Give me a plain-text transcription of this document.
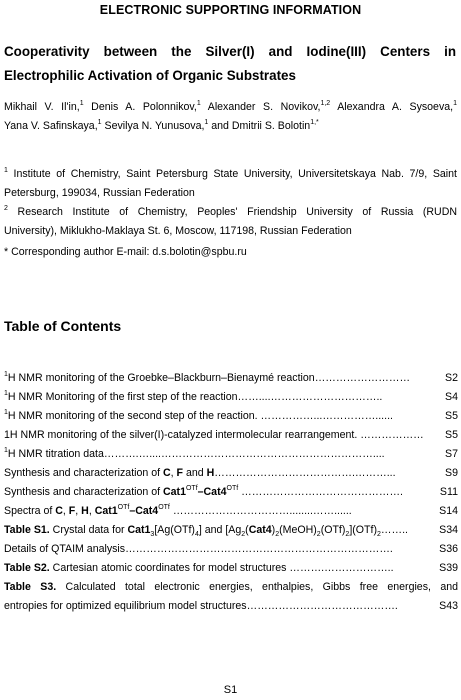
ELECTRONIC SUPPORTING INFORMATION
Cooperativity between the Silver(I) and Iodine(III) Centers in
Electrophilic Activation of Organic Substrates
Mikhail V. Il'in,$^1$ Denis A. Polonnikov,$^1$ Alexander S. Novikov,$^{1,2}$ Alexandra A. Sysoeva,$^1$
Yana V. Safinskaya,$^1$ Sevilya N. Yunusova,$^1$ and Dmitrii S. Bolotin$^{1,*}$
$^1$ Institute of Chemistry, Saint Petersburg State University, Universitetskaya Nab. 7/9, Saint
Petersburg, 199034, Russian Federation
$^2$ Research Institute of Chemistry, Peoples' Friendship University of Russia (RUDN
University), Miklukho-Maklaya St. 6, Moscow, 117198, Russian Federation
* Corresponding author E-mail: d.s.bolotin@spbu.ru
Table of Contents
$^1$H NMR monitoring of the Groebke–Blackburn–Bienaymé reaction………………………	S2
$^1$H NMR Monitoring of the first step of the reaction……....…………………………..	S4
$^1$H NMR monitoring of the second step of the reaction. ……………...……………......	S5
1H NMR monitoring of the silver(I)-catalyzed intermolecular rearrangement. ………………	S5
$^1$H NMR titration data……….…....……………………………………………………....	S7
Synthesis and characterization of C, F and H………………………………….………...	S9
Synthesis and characterization of $Cat1^{OTf}-Cat4^{OTf}$ ……………………………………….	S11
Spectra of C, F, H, $Cat1^{OTf}-Cat4^{OTf}$ ……………………………........……......	S14
Table S1. Crystal data for $Cat1_3[Ag(OTf)_4]$ and $[Ag_2(Cat4)_2(MeOH)_2(OTf)_2](OTf)_2\dots\dots$..	S34
Details of QTAIM analysis………………………………………………………………….	S36
Table S2. Cartesian atomic coordinates for model structures ……….………………..	S39
Table S3. Calculated total electronic energies, enthalpies, Gibbs free energies, and
entropies for optimized equilibrium model structures…………………………………….	S43
S1
